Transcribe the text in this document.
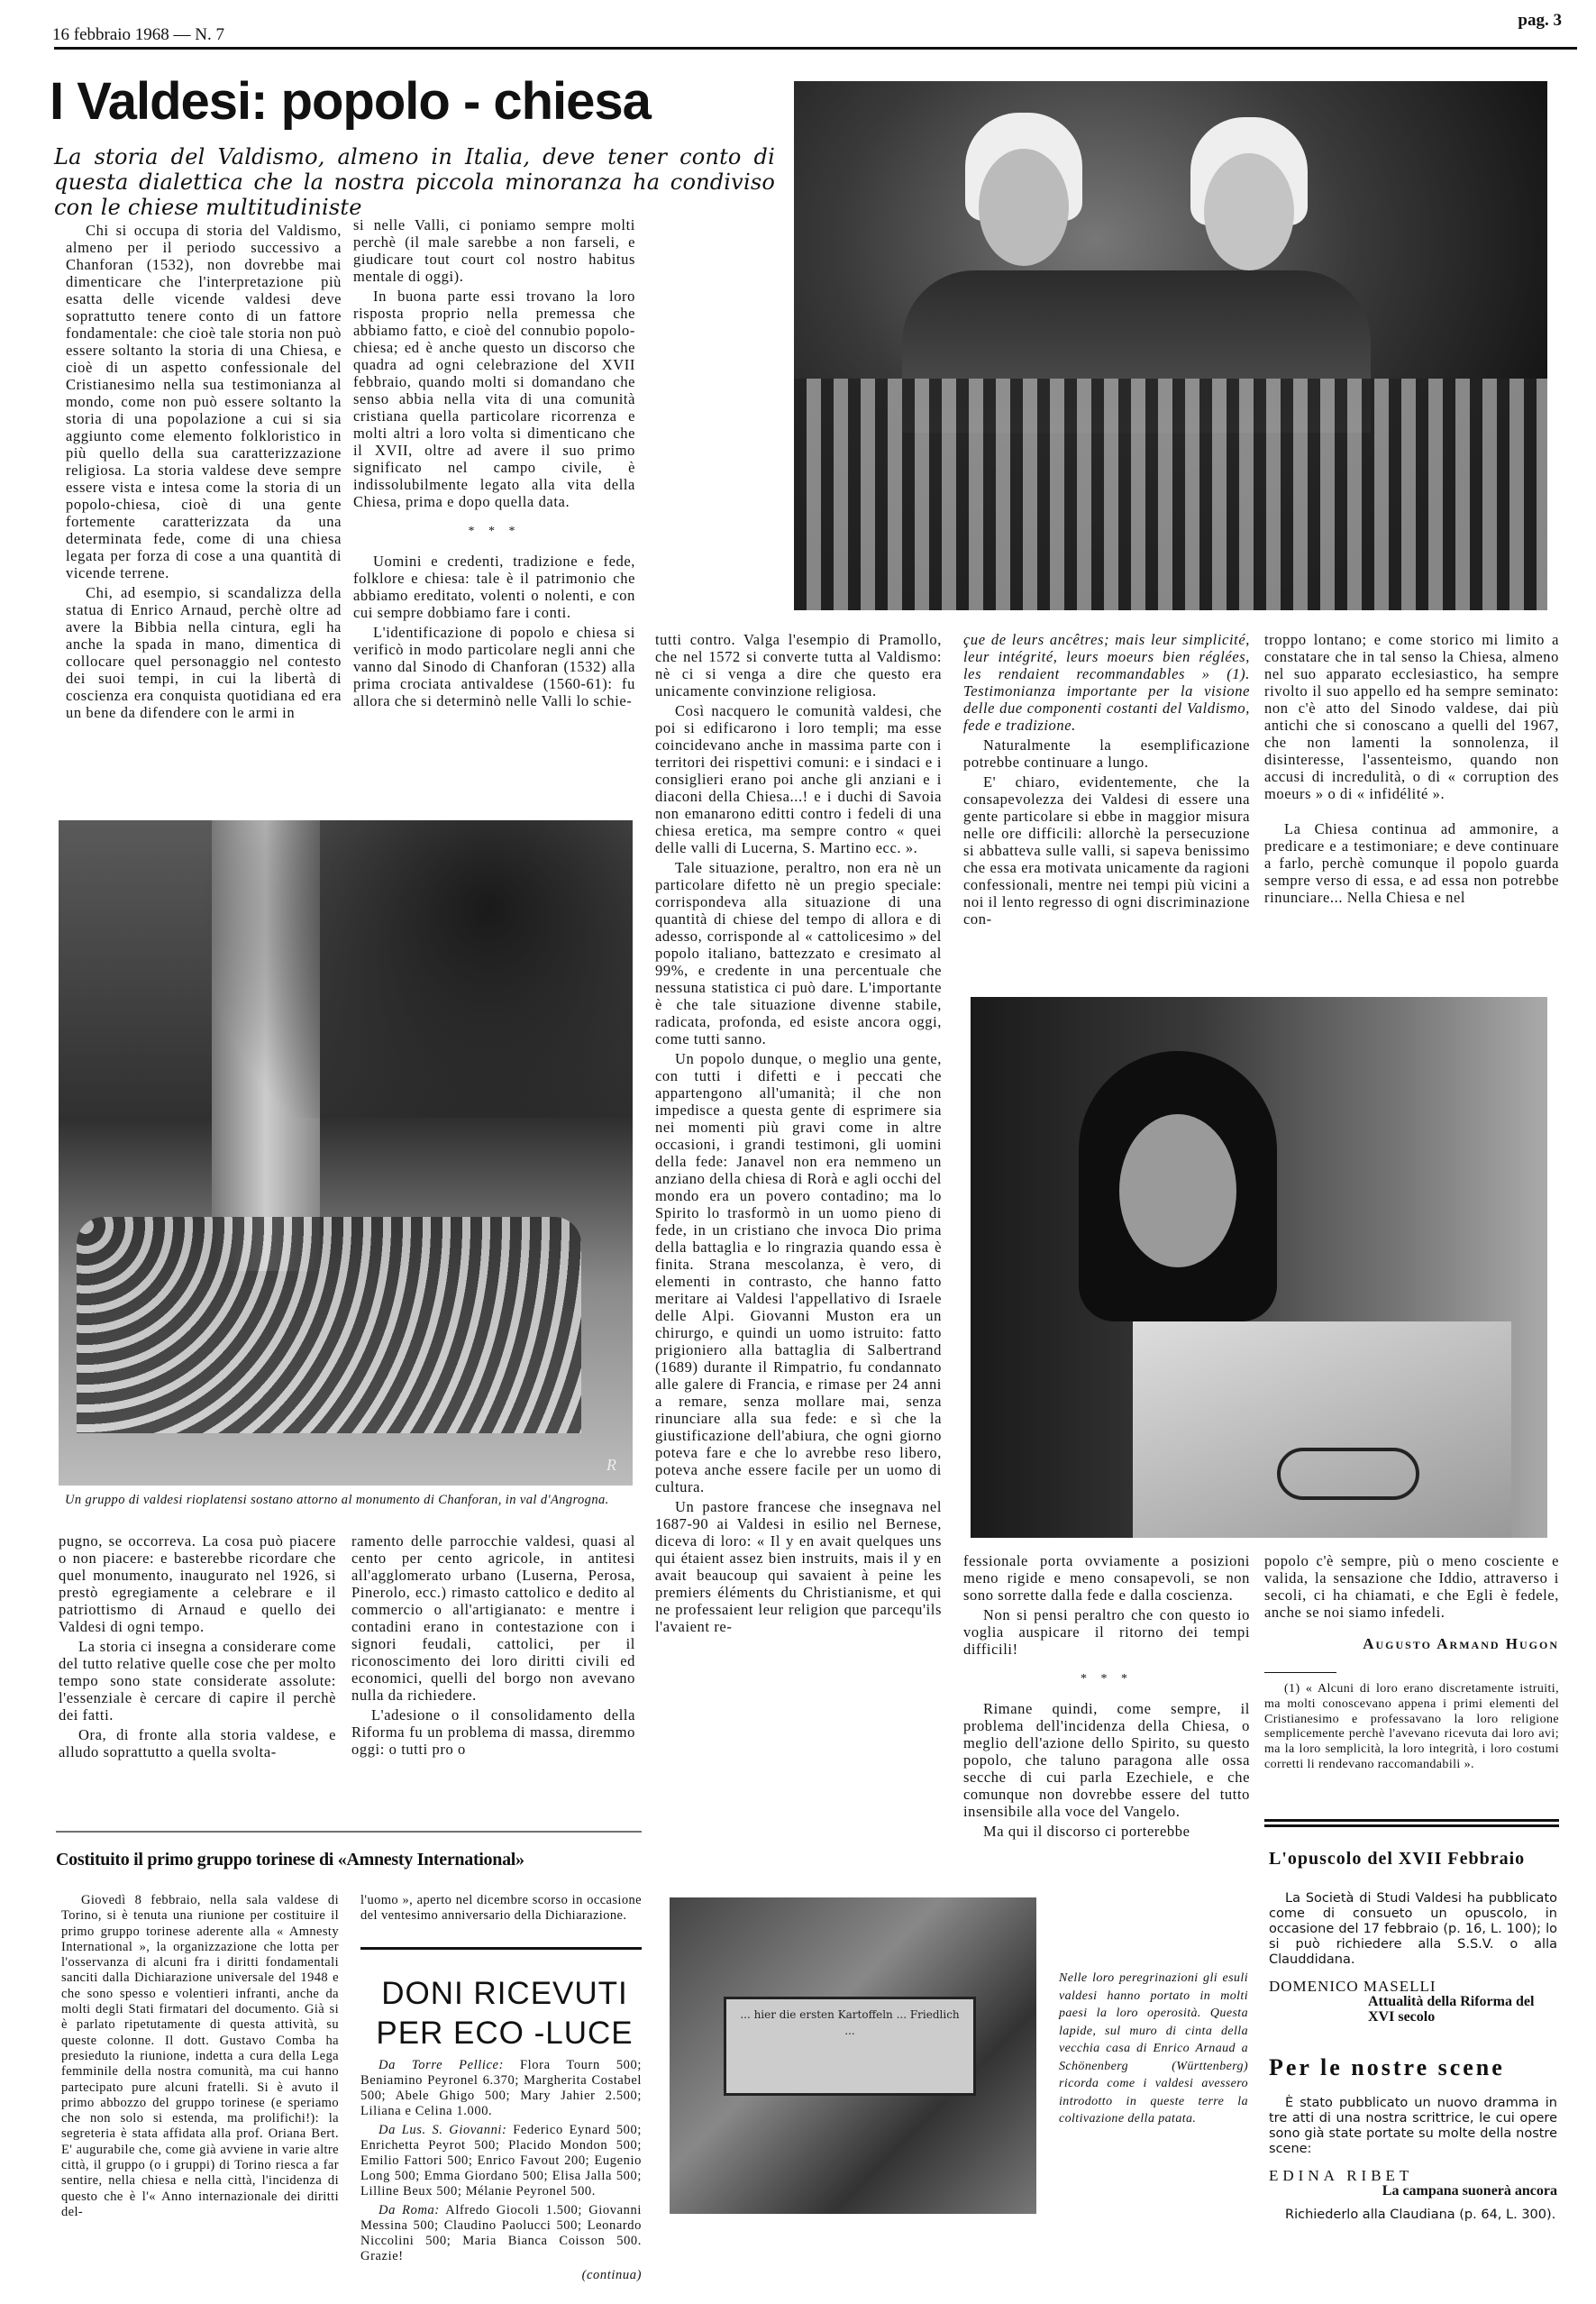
16 febbraio 1968 — N. 7
pag. 3
I Valdesi: popolo - chiesa
La storia del Valdismo, almeno in Italia, deve tener conto di questa dialettica che la nostra piccola minoranza ha condiviso con le chiese multitudiniste

Chi si occupa di storia del Valdismo, almeno per il periodo successivo a Chanforan (1532), non dovrebbe mai dimenticare che l'interpretazione più esatta delle vicende valdesi deve soprattutto tenere conto di un fattore fondamentale: che cioè tale storia non può essere soltanto la storia di una Chiesa, e cioè di un aspetto confessionale del Cristianesimo nella sua testimonianza al mondo, come non può essere soltanto la storia di una popolazione a cui si sia aggiunto come elemento folkloristico in più quello della sua caratterizzazione religiosa. La storia valdese deve sempre essere vista e intesa come la storia di un popolo-chiesa, cioè di una gente fortemente caratterizzata da una determinata fede, come di una chiesa legata per forza di cose a una quantità di vicende terrene.

Chi, ad esempio, si scandalizza della statua di Enrico Arnaud, perchè oltre ad avere la Bibbia nella cintura, egli ha anche la spada in mano, dimentica di collocare quel personaggio nel contesto dei suoi tempi, in cui la libertà di coscienza era conquista quotidiana ed era un bene da difendere con le armi in

si nelle Valli, ci poniamo sempre molti perchè (il male sarebbe a non farseli, e giudicare tout court col nostro habitus mentale di oggi).

In buona parte essi trovano la loro risposta proprio nella premessa che abbiamo fatto, e cioè del connubio popolo-chiesa; ed è anche questo un discorso che quadra ad ogni celebrazione del XVII febbraio, quando molti si domandano che senso abbia nella vita di una comunità cristiana quella particolare ricorrenza e molti altri a loro volta si dimenticano che il XVII, oltre ad avere il suo primo significato nel campo civile, è indissolubilmente legato alla vita della Chiesa, prima e dopo quella data.

* * *

Uomini e credenti, tradizione e fede, folklore e chiesa: tale è il patrimonio che abbiamo ereditato, volenti o nolenti, e con cui sempre dobbiamo fare i conti.

L'identificazione di popolo e chiesa si verificò in modo particolare negli anni che vanno dal Sinodo di Chanforan (1532) alla prima crociata antivaldese (1560-61): fu allora che si determinò nelle Valli lo schie-

R
Un gruppo di valdesi rioplatensi sostano attorno al monumento di Chanforan, in val d'Angrogna.

pugno, se occorreva. La cosa può piacere o non piacere: e basterebbe ricordare che quel monumento, inaugurato nel 1926, si prestò egregiamente a celebrare e il patriottismo di Arnaud e quello dei Valdesi di ogni tempo.

La storia ci insegna a considerare come del tutto relative quelle cose che per molto tempo sono state considerate assolute: l'essenziale è cercare di capire il perchè dei fatti.

Ora, di fronte alla storia valdese, e alludo soprattutto a quella svolta-

ramento delle parrocchie valdesi, quasi al cento per cento agricole, in antitesi all'agglomerato urbano (Luserna, Perosa, Pinerolo, ecc.) rimasto cattolico e dedito al commercio o all'artigianato: e mentre i contadini erano in contestazione con i signori feudali, cattolici, per il riconoscimento dei loro diritti civili ed economici, quelli del borgo non avevano nulla da richiedere.

L'adesione o il consolidamento della Riforma fu un problema di massa, diremmo oggi: o tutti pro o

tutti contro. Valga l'esempio di Pramollo, che nel 1572 si converte tutta al Valdismo: nè ci si venga a dire che questo era unicamente convinzione religiosa.

Così nacquero le comunità valdesi, che poi si edificarono i loro templi; ma esse coincidevano anche in massima parte con i territori dei rispettivi comuni: e i sindaci e i consiglieri erano poi anche gli anziani e i diaconi della Chiesa...! e i duchi di Savoia non emanarono editti contro i fedeli di una chiesa eretica, ma sempre contro « quei delle valli di Lucerna, S. Martino ecc. ».

Tale situazione, peraltro, non era nè un particolare difetto nè un pregio speciale: corrispondeva alla situazione di una quantità di chiese del tempo di allora e di adesso, corrisponde al « cattolicesimo » del popolo italiano, battezzato e cresimato al 99%, e credente in una percentuale che nessuna statistica ci può dare. L'importante è che tale situazione divenne stabile, radicata, profonda, ed esiste ancora oggi, come tutti sanno.

Un popolo dunque, o meglio una gente, con tutti i difetti e i peccati che appartengono all'umanità; il che non impedisce a questa gente di esprimere sia nei momenti più gravi come in altre occasioni, i grandi testimoni, gli uomini della fede: Janavel non era nemmeno un anziano della chiesa di Rorà e agli occhi del mondo era un povero contadino; ma lo Spirito lo trasformò in un uomo pieno di fede, in un cristiano che invoca Dio prima della battaglia e lo ringrazia quando essa è finita. Strana mescolanza, è vero, di elementi in contrasto, che hanno fatto meritare ai Valdesi l'appellativo di Israele delle Alpi. Giovanni Muston era un chirurgo, e quindi un uomo istruito: fatto prigioniero alla battaglia di Salbertrand (1689) durante il Rimpatrio, fu condannato alle galere di Francia, e rimase per 24 anni a remare, senza mollare mai, senza rinunciare alla sua fede: e sì che la giustificazione dell'abiura, che ogni giorno poteva fare e che lo avrebbe reso libero, poteva anche essere facile per un uomo di cultura.

Un pastore francese che insegnava nel 1687-90 ai Valdesi in esilio nel Bernese, diceva di loro: « Il y en avait quelques uns qui étaient assez bien instruits, mais il y en avait beaucoup qui savaient à peine les premiers éléments du Christianisme, et qui ne professaient leur religion que parcequ'ils l'avaient re-

çue de leurs ancêtres; mais leur simplicité, leur intégrité, leurs moeurs bien réglées, les rendaient recommandables » (1). Testimonianza importante per la visione delle due componenti costanti del Valdismo, fede e tradizione.

Naturalmente la esemplificazione potrebbe continuare a lungo.

E' chiaro, evidentemente, che la consapevolezza dei Valdesi di essere una gente particolare si ebbe in maggior misura nelle ore difficili: allorchè la persecuzione si abbatteva sulle valli, si sapeva benissimo che essa era motivata unicamente da ragioni confessionali, mentre nei tempi più vicini a noi il lento regresso di ogni discriminazione con-

troppo lontano; e come storico mi limito a constatare che in tal senso la Chiesa, almeno nel suo apparato ecclesiastico, ha sempre rivolto il suo appello ed ha sempre seminato: non c'è atto del Sinodo valdese, dai più antichi che si conoscano a quelli del 1967, che non lamenti la sonnolenza, il disinteresse, l'assenteismo, quando non accusi di incredulità, o di « corruption des moeurs » o di « infidélité ».

La Chiesa continua ad ammonire, a predicare e a testimoniare; e deve continuare a farlo, perchè comunque il popolo guarda sempre verso di essa, e ad essa non potrebbe rinunciare... Nella Chiesa e nel

fessionale porta ovviamente a posizioni meno rigide e meno consapevoli, se non sono sorrette dalla fede e dalla coscienza.

Non si pensi peraltro che con questo io voglia auspicare il ritorno dei tempi difficili!

* * *

Rimane quindi, come sempre, il problema dell'incidenza della Chiesa, o meglio dell'azione dello Spirito, su questo popolo, che taluno paragona alle ossa secche di cui parla Ezechiele, e che comunque non dovrebbe essere del tutto insensibile alla voce del Vangelo.

Ma qui il discorso ci porterebbe

popolo c'è sempre, più o meno cosciente e valida, la sensazione che Iddio, attraverso i secoli, ci ha chiamati, e che Egli è fedele, anche se noi siamo infedeli.

Augusto Armand Hugon

(1) « Alcuni di loro erano discretamente istruiti, ma molti conoscevano appena i primi elementi del Cristianesimo e professavano la loro religione semplicemente perchè l'avevano ricevuta dai loro avi; ma la loro semplicità, la loro integrità, i loro costumi corretti li rendevano raccomandabili ».

Costituito il primo gruppo torinese di «Amnesty International»

Giovedì 8 febbraio, nella sala valdese di Torino, si è tenuta una riunione per costituire il primo gruppo torinese aderente alla « Amnesty International », la organizzazione che lotta per l'osservanza di alcuni fra i diritti fondamentali sanciti dalla Dichiarazione universale del 1948 e che sono spesso e volentieri infranti, anche da molti degli Stati firmatari del documento. Già si è parlato ripetutamente di questa attività, su queste colonne. Il dott. Gustavo Comba ha presieduto la riunione, indetta a cura della Lega femminile della nostra comunità, ma cui hanno partecipato pure alcuni fratelli. Si è avuto il primo abbozzo del gruppo torinese (e speriamo che non solo si estenda, ma prolifichi!): la segreteria è stata affidata alla prof. Oriana Bert. E' augurabile che, come già avviene in varie altre città, il gruppo (o i gruppi) di Torino riesca a far sentire, nella chiesa e nella città, l'incidenza di questo che è l'« Anno internazionale dei diritti del-

l'uomo », aperto nel dicembre scorso in occasione del ventesimo anniversario della Dichiarazione.

DONI RICEVUTI
PER ECO -LUCE

Da Torre Pellice: Flora Tourn 500; Beniamino Peyronel 6.370; Margherita Costabel 500; Abele Ghigo 500; Mary Jahier 2.500; Liliana e Celina 1.000.

Da Lus. S. Giovanni: Federico Eynard 500; Enrichetta Peyrot 500; Placido Mondon 500; Emilio Fattori 500; Enrico Favout 200; Eugenio Long 500; Emma Giordano 500; Elisa Jalla 500; Lilline Beux 500; Mélanie Peyronel 500.

Da Roma: Alfredo Giocoli 1.500; Giovanni Messina 500; Claudino Paolucci 500; Leonardo Niccolini 500; Maria Bianca Coisson 500. Grazie!

(continua)
... hier die ersten Kartoffeln ... Friedlich ...
Nelle loro peregrinazioni gli esuli valdesi hanno portato in molti paesi la loro operosità. Questa lapide, sul muro di cinta della vecchia casa di Enrico Arnaud a Schönenberg (Württenberg) ricorda come i valdesi avessero introdotto in queste terre la coltivazione della patata.
L'opuscolo del XVII Febbraio
La Società di Studi Valdesi ha pubblicato come di consueto un opuscolo, in occasione del 17 febbraio (p. 16, L. 100); lo si può richiedere alla S.S.V. o alla Clauddidana.
DOMENICO MASELLI
Attualità della Riforma del XVI secolo
Per le nostre scene
È stato pubblicato un nuovo dramma in tre atti di una nostra scrittrice, le cui opere sono già state portate su molte della nostre scene:
EDINA RIBET
La campana suonerà ancora
Richiederlo alla Claudiana (p. 64, L. 300).
